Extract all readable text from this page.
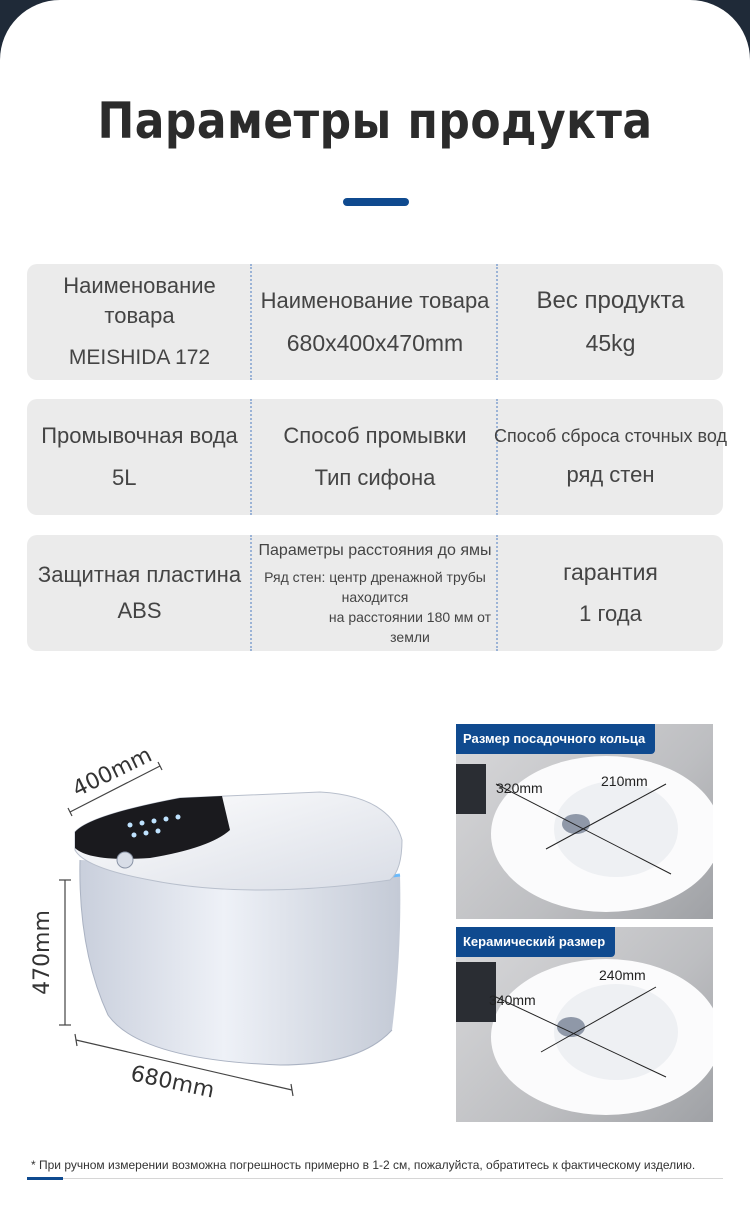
Параметры продукта
Наименование товара
MEISHIDA 172
Наименование товара
680x400x470mm
Вес продукта
45kg
Промывочная вода
5L
Способ промывки
Тип сифона
Способ сброса сточных вод
ряд стен
Защитная пластина
ABS
Параметры расстояния до ямы
Ряд стен: центр дренажной трубы находится
на расстоянии 180 мм от земли
гарантия
1 года
400mm
470mm
680mm
Размер посадочного кольца
320mm	210mm
Керамический размер
340mm
240mm
* При ручном измерении возможна погрешность примерно в 1-2 см, пожалуйста, обратитесь к фактическому изделию.
